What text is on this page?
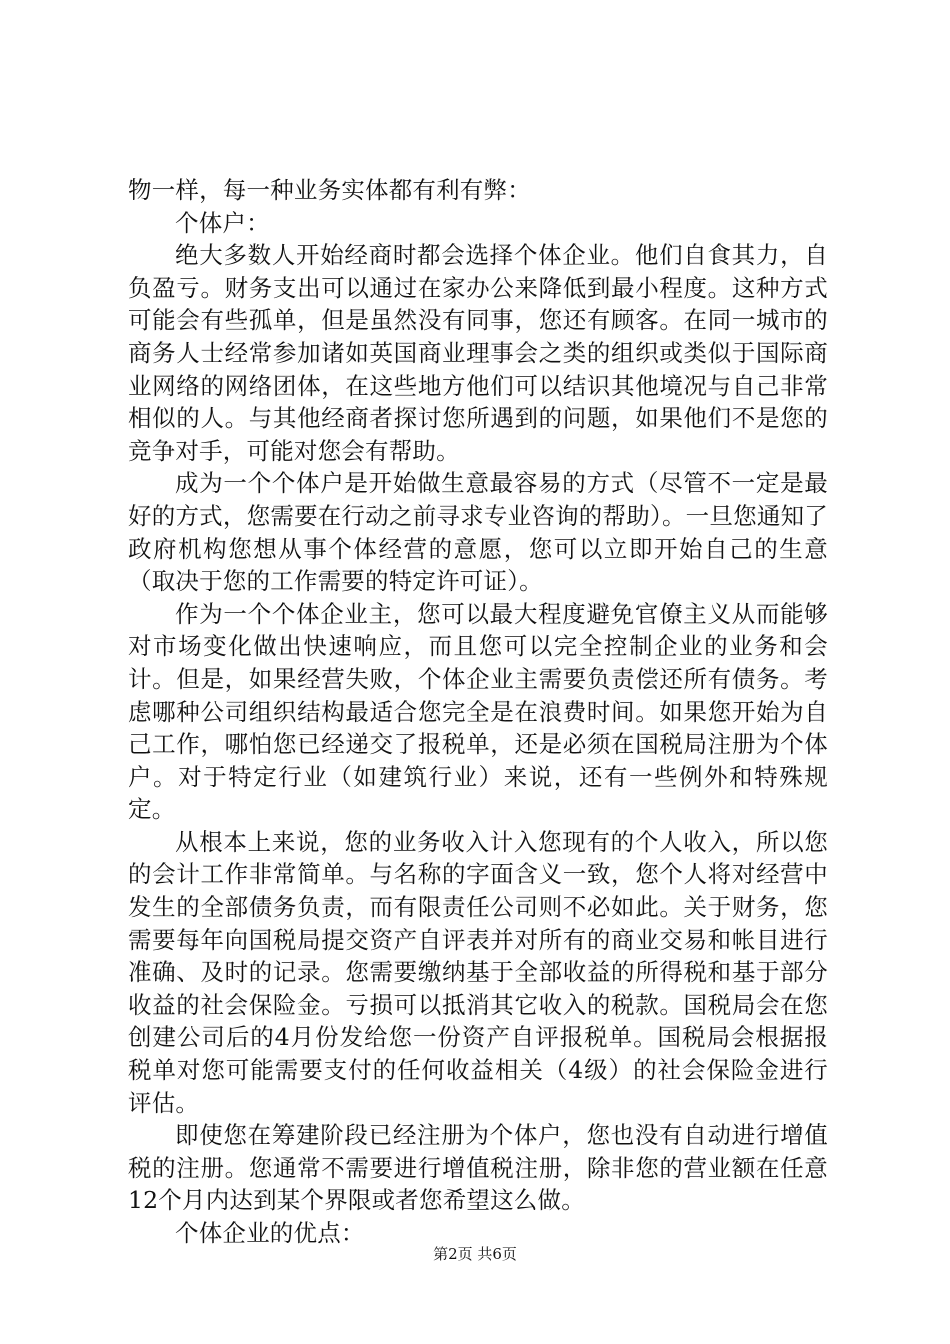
物一样，每一种业务实体都有利有弊：

个体户：

绝大多数人开始经商时都会选择个体企业。他们自食其力，自负盈亏。财务支出可以通过在家办公来降低到最小程度。这种方式可能会有些孤单，但是虽然没有同事，您还有顾客。在同一城市的商务人士经常参加诸如英国商业理事会之类的组织或类似于国际商业网络的网络团体，在这些地方他们可以结识其他境况与自己非常相似的人。与其他经商者探讨您所遇到的问题，如果他们不是您的竞争对手，可能对您会有帮助。

成为一个个体户是开始做生意最容易的方式（尽管不一定是最好的方式，您需要在行动之前寻求专业咨询的帮助）。一旦您通知了政府机构您想从事个体经营的意愿，您可以立即开始自己的生意（取决于您的工作需要的特定许可证）。

作为一个个体企业主，您可以最大程度避免官僚主义从而能够对市场变化做出快速响应，而且您可以完全控制企业的业务和会计。但是，如果经营失败，个体企业主需要负责偿还所有债务。考虑哪种公司组织结构最适合您完全是在浪费时间。如果您开始为自己工作，哪怕您已经递交了报税单，还是必须在国税局注册为个体户。对于特定行业（如建筑行业）来说，还有一些例外和特殊规定。

从根本上来说，您的业务收入计入您现有的个人收入，所以您的会计工作非常简单。与名称的字面含义一致，您个人将对经营中发生的全部债务负责，而有限责任公司则不必如此。关于财务，您需要每年向国税局提交资产自评表并对所有的商业交易和帐目进行准确、及时的记录。您需要缴纳基于全部收益的所得税和基于部分收益的社会保险金。亏损可以抵消其它收入的税款。国税局会在您创建公司后的4月份发给您一份资产自评报税单。国税局会根据报税单对您可能需要支付的任何收益相关（4级）的社会保险金进行评估。

即使您在筹建阶段已经注册为个体户，您也没有自动进行增值税的注册。您通常不需要进行增值税注册，除非您的营业额在任意12个月内达到某个界限或者您希望这么做。

个体企业的优点：

第2页 共6页
